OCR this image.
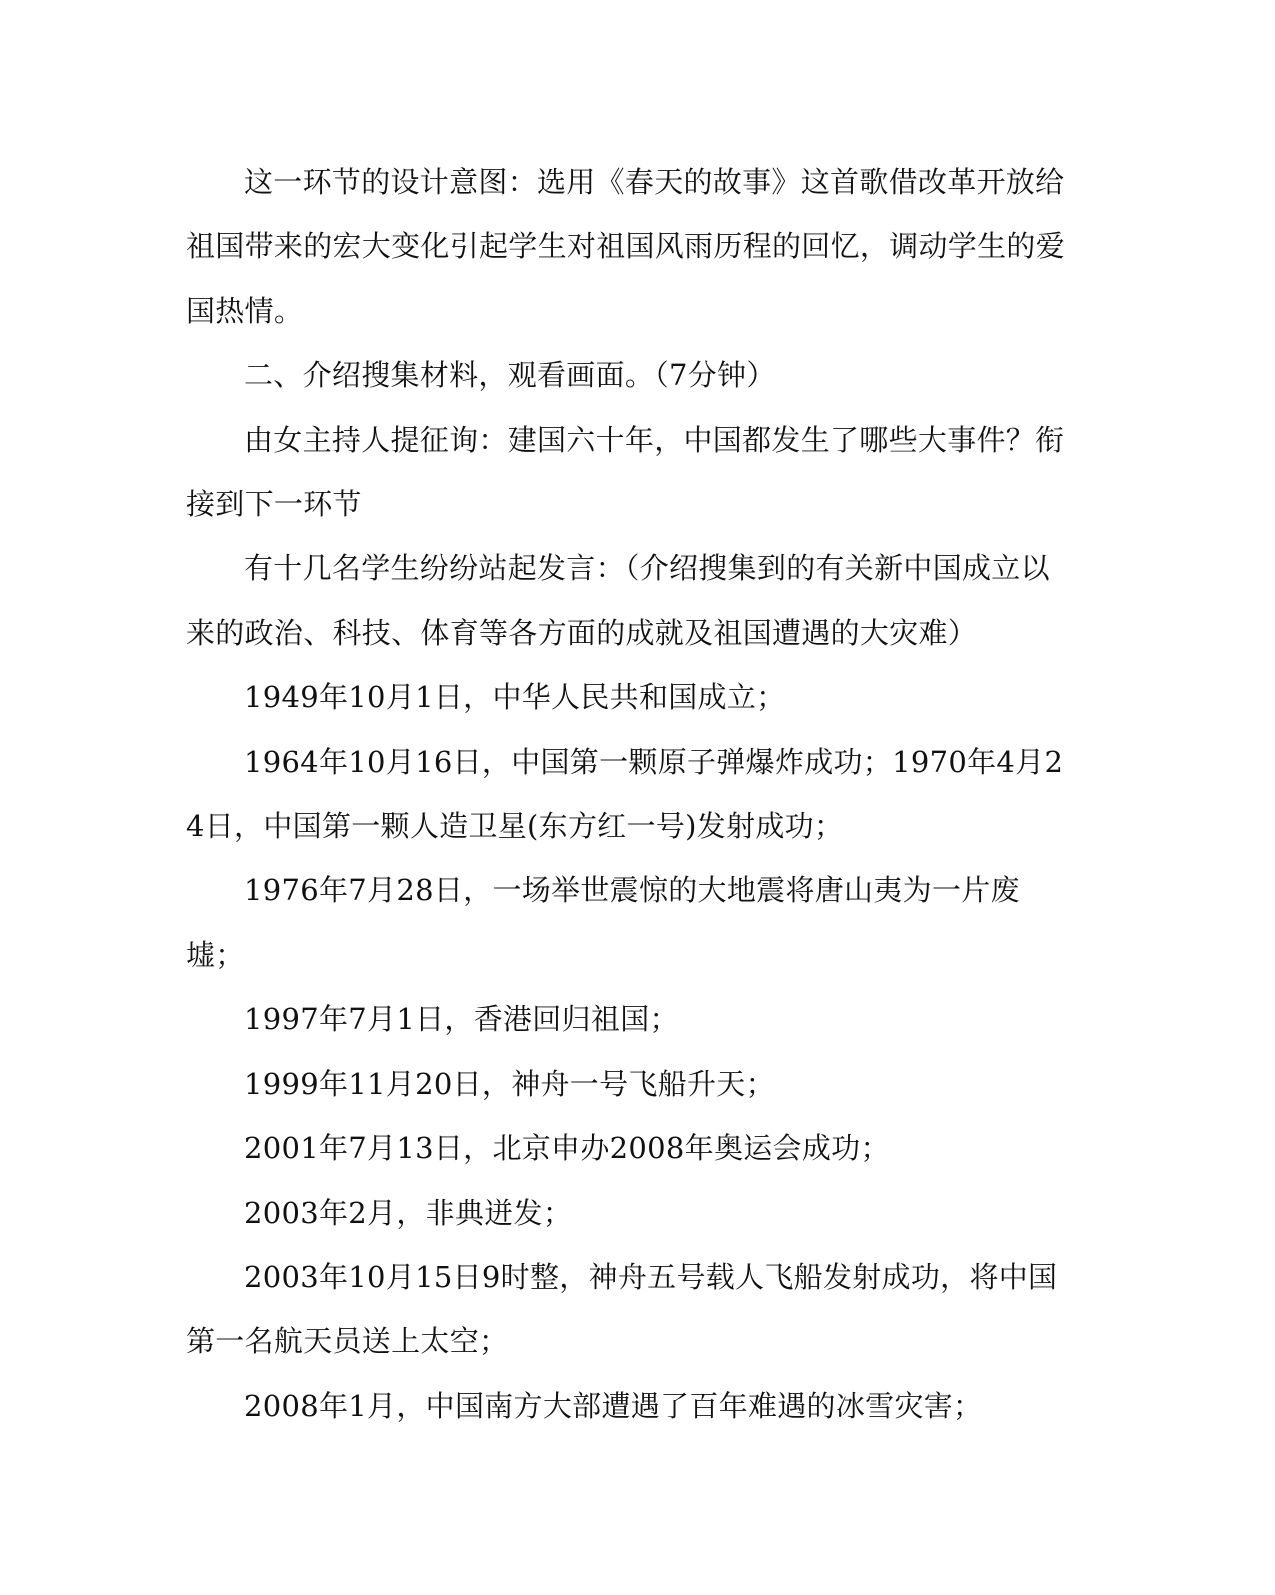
这一环节的设计意图：选用《春天的故事》这首歌借改革开放给祖国带来的宏大变化引起学生对祖国风雨历程的回忆，调动学生的爱国热情。

二、介绍搜集材料，观看画面。（7分钟）

由女主持人提征询：建国六十年，中国都发生了哪些大事件？衔接到下一环节

有十几名学生纷纷站起发言：（介绍搜集到的有关新中国成立以来的政治、科技、体育等各方面的成就及祖国遭遇的大灾难）

1949年10月1日，中华人民共和国成立；

1964年10月16日，中国第一颗原子弹爆炸成功；1970年4月24日，中国第一颗人造卫星(东方红一号)发射成功；

1976年7月28日，一场举世震惊的大地震将唐山夷为一片废墟；

1997年7月1日，香港回归祖国；

1999年11月20日，神舟一号飞船升天；

2001年7月13日，北京申办2008年奥运会成功；

2003年2月，非典迸发；

2003年10月15日9时整，神舟五号载人飞船发射成功，将中国第一名航天员送上太空；

2008年1月，中国南方大部遭遇了百年难遇的冰雪灾害；
